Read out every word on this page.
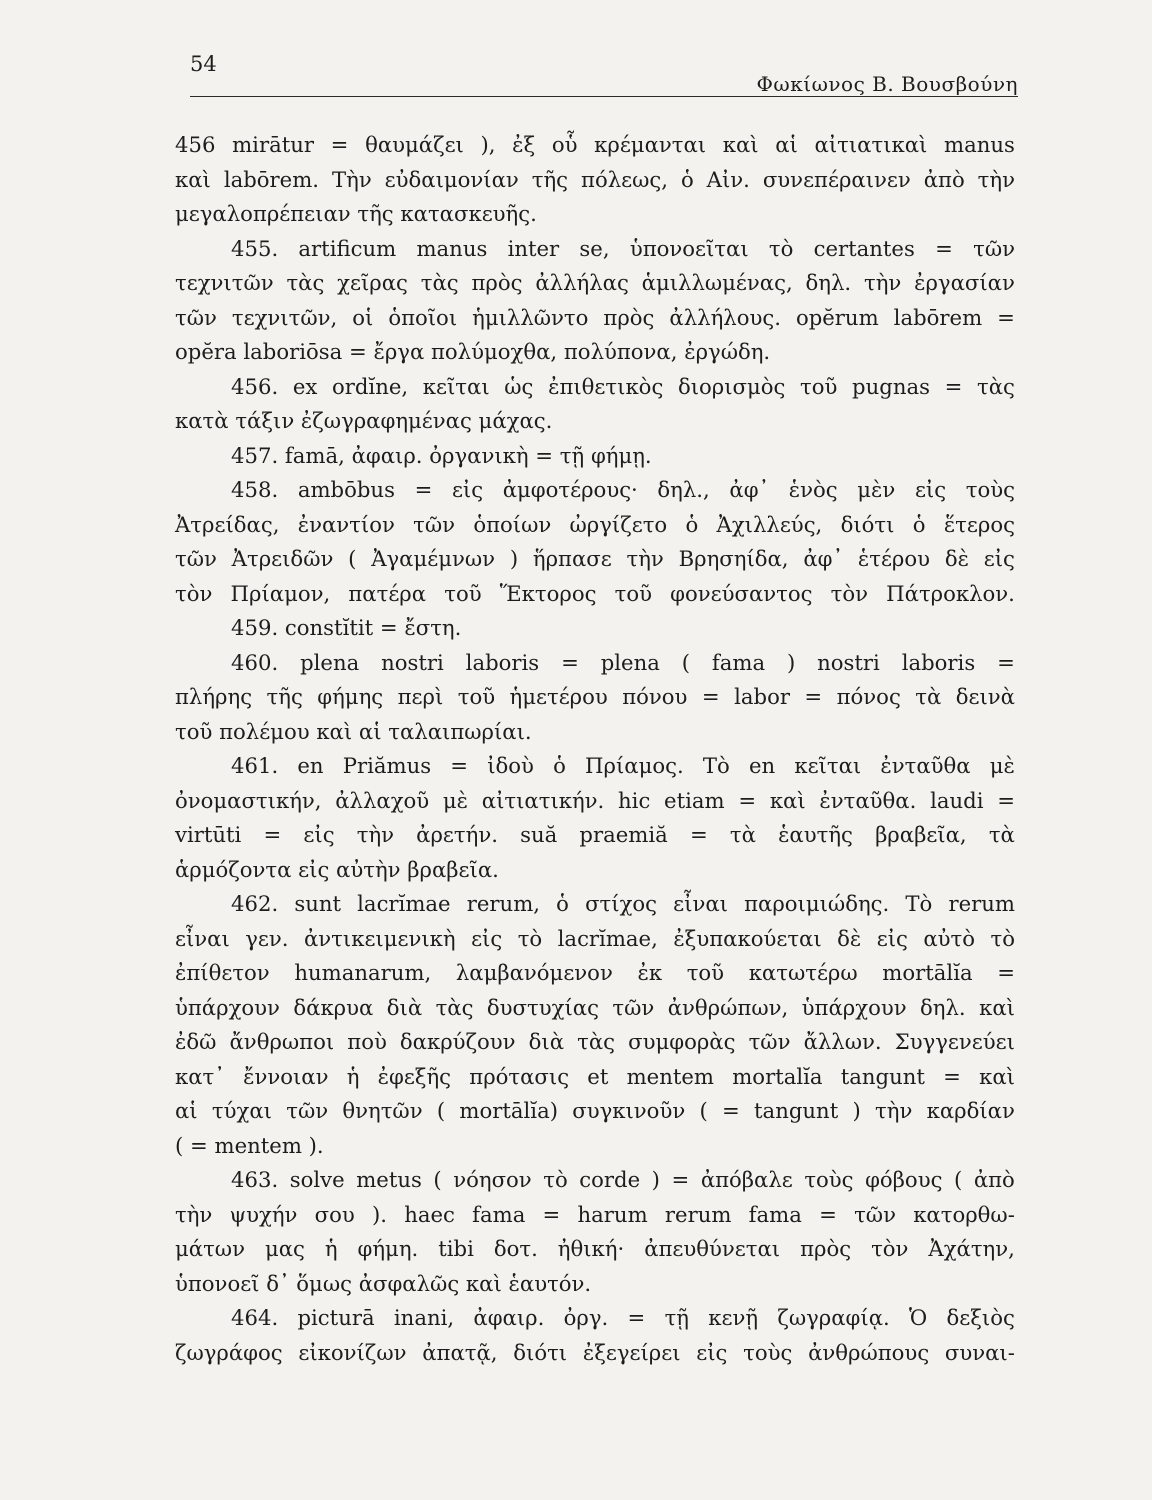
54
Φωκίωνος Β. Βουσβούνη
456 mirātur = θαυμάζει ), ἐξ οὗ κρέμανται καὶ αἱ αἰτιατικαὶ manus
καὶ labōrem. Τὴν εὐδαιμονίαν τῆς πόλεως, ὁ Αἰν. συνεπέραινεν ἀπὸ τὴν
μεγαλοπρέπειαν τῆς κατασκευῆς.
455. artificum manus inter se, ὑπονοεῖται τὸ certantes = τῶν
τεχνιτῶν τὰς χεῖρας τὰς πρὸς ἀλλήλας ἁμιλλωμένας, δηλ. τὴν ἐργασίαν
τῶν τεχνιτῶν, οἱ ὁποῖοι ἡμιλλῶντο πρὸς ἀλλήλους. opĕrum labōrem =
opĕra laboriōsa = ἔργα πολύμοχθα, πολύπονα, ἐργώδη.
456. ex ordĭne, κεῖται ὡς ἐπιθετικὸς διορισμὸς τοῦ pugnas = τὰς
κατὰ τάξιν ἐζωγραφημένας μάχας.
457. famā, ἀφαιρ. ὀργανικὴ = τῇ φήμῃ.
458. ambōbus = εἰς ἀμφοτέρους· δηλ., ἀφ᾽ ἑνὸς μὲν εἰς τοὺς
Ἀτρείδας, ἐναντίον τῶν ὁποίων ὠργίζετο ὁ Ἀχιλλεύς, διότι ὁ ἕτερος
τῶν Ἀτρειδῶν ( Ἀγαμέμνων ) ἥρπασε τὴν Βρησηίδα, ἀφ᾽ ἑτέρου δὲ εἰς
τὸν Πρίαμον, πατέρα τοῦ Ἕκτορος τοῦ φονεύσαντος τὸν Πάτροκλον.
459. constĭtit = ἔστη.
460. plena nostri laboris = plena ( fama ) nostri laboris =
πλήρης τῆς φήμης περὶ τοῦ ἡμετέρου πόνου = labor = πόνος τὰ δεινὰ
τοῦ πολέμου καὶ αἱ ταλαιπωρίαι.
461. en Priămus = ἰδοὺ ὁ Πρίαμος. Τὸ en κεῖται ἐνταῦθα μὲ
ὀνομαστικήν, ἀλλαχοῦ μὲ αἰτιατικήν. hic etiam = καὶ ἐνταῦθα. laudi =
virtūti = εἰς τὴν ἀρετήν. suă praemiă = τὰ ἑαυτῆς βραβεῖα, τὰ
ἁρμόζοντα εἰς αὐτὴν βραβεῖα.
462. sunt lacrĭmae rerum, ὁ στίχος εἶναι παροιμιώδης. Τὸ rerum
εἶναι γεν. ἀντικειμενικὴ εἰς τὸ lacrĭmae, ἐξυπακούεται δὲ εἰς αὐτὸ τὸ
ἐπίθετον humanarum, λαμβανόμενον ἐκ τοῦ κατωτέρω mortālĭa =
ὑπάρχουν δάκρυα διὰ τὰς δυστυχίας τῶν ἀνθρώπων, ὑπάρχουν δηλ. καὶ
ἐδῶ ἄνθρωποι ποὺ δακρύζουν διὰ τὰς συμφορὰς τῶν ἄλλων. Συγγενεύει
κατ᾽ ἔννοιαν ἡ ἐφεξῆς πρότασις et mentem mortalĭa tangunt = καὶ
αἱ τύχαι τῶν θνητῶν ( mortālĭa) συγκινοῦν ( = tangunt ) τὴν καρδίαν
( = mentem ).
463. solve metus ( νόησον τὸ corde ) = ἀπόβαλε τοὺς φόβους ( ἀπὸ
τὴν ψυχήν σου ). haec fama = harum rerum fama = τῶν κατορθω-
μάτων μας ἡ φήμη. tibi δοτ. ἠθική· ἀπευθύνεται πρὸς τὸν Ἀχάτην,
ὑπονοεῖ δ᾽ ὅμως ἀσφαλῶς καὶ ἑαυτόν.
464. picturā inani, ἀφαιρ. ὀργ. = τῇ κενῇ ζωγραφίᾳ. Ὁ δεξιὸς
ζωγράφος εἰκονίζων ἀπατᾷ, διότι ἐξεγείρει εἰς τοὺς ἀνθρώπους συναι-
